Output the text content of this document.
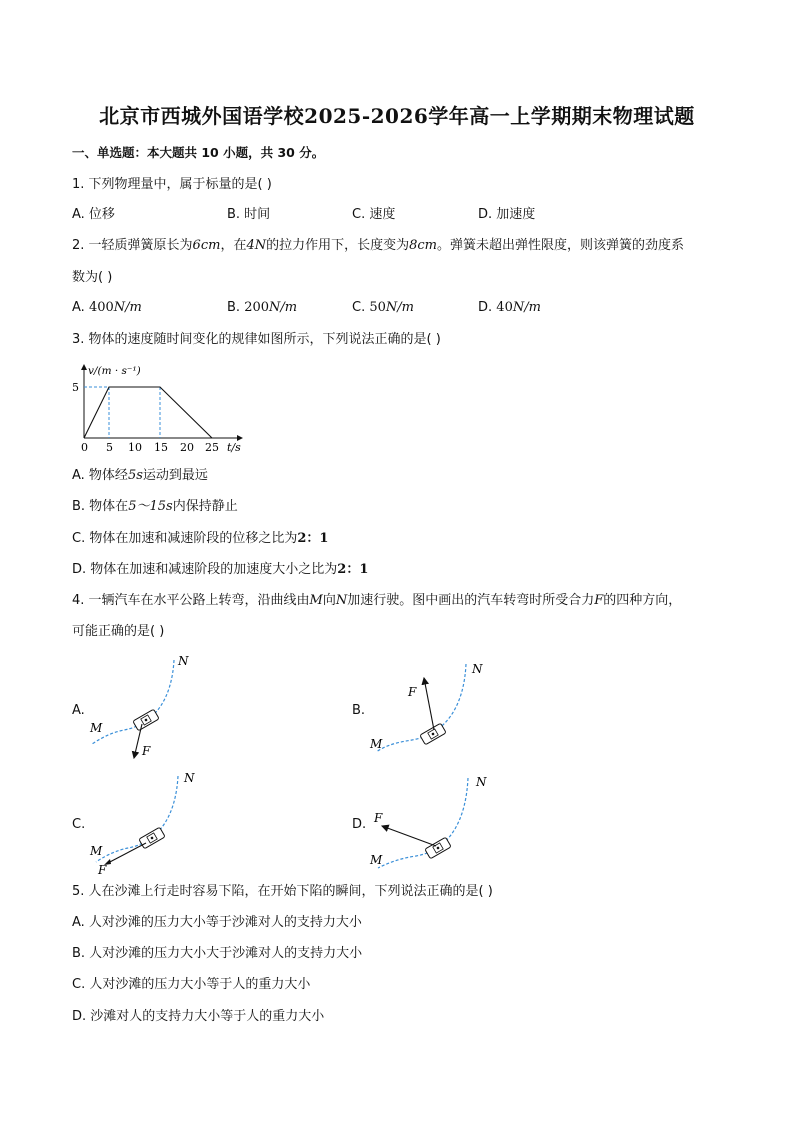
北京市西城外国语学校2025-2026学年高一上学期期末物理试题
一、单选题：本大题共 10 小题，共 30 分。
1. 下列物理量中，属于标量的是( )
A. 位移	B. 时间	C. 速度	D. 加速度
2. 一轻质弹簧原长为6cm，在4N的拉力作用下，长度变为8cm。弹簧未超出弹性限度，则该弹簧的劲度系
数为( )
A. 400N/m	B. 200N/m	C. 50N/m	D. 40N/m
3. 物体的速度随时间变化的规律如图所示，下列说法正确的是( )
v/(m · s⁻¹)
5
0 5 10 15 20 25 t/s
A. 物体经5s运动到最远
B. 物体在5～15s内保持静止
C. 物体在加速和减速阶段的位移之比为2：1
D. 物体在加速和减速阶段的加速度大小之比为2：1
4. 一辆汽车在水平公路上转弯，沿曲线由M向N加速行驶。图中画出的汽车转弯时所受合力F的四种方向，
可能正确的是( )
A.
N
M
F
B.
N
M
F
C.
N
M
F
D.
N
M
F
5. 人在沙滩上行走时容易下陷，在开始下陷的瞬间，下列说法正确的是( )
A. 人对沙滩的压力大小等于沙滩对人的支持力大小
B. 人对沙滩的压力大小大于沙滩对人的支持力大小
C. 人对沙滩的压力大小等于人的重力大小
D. 沙滩对人的支持力大小等于人的重力大小
